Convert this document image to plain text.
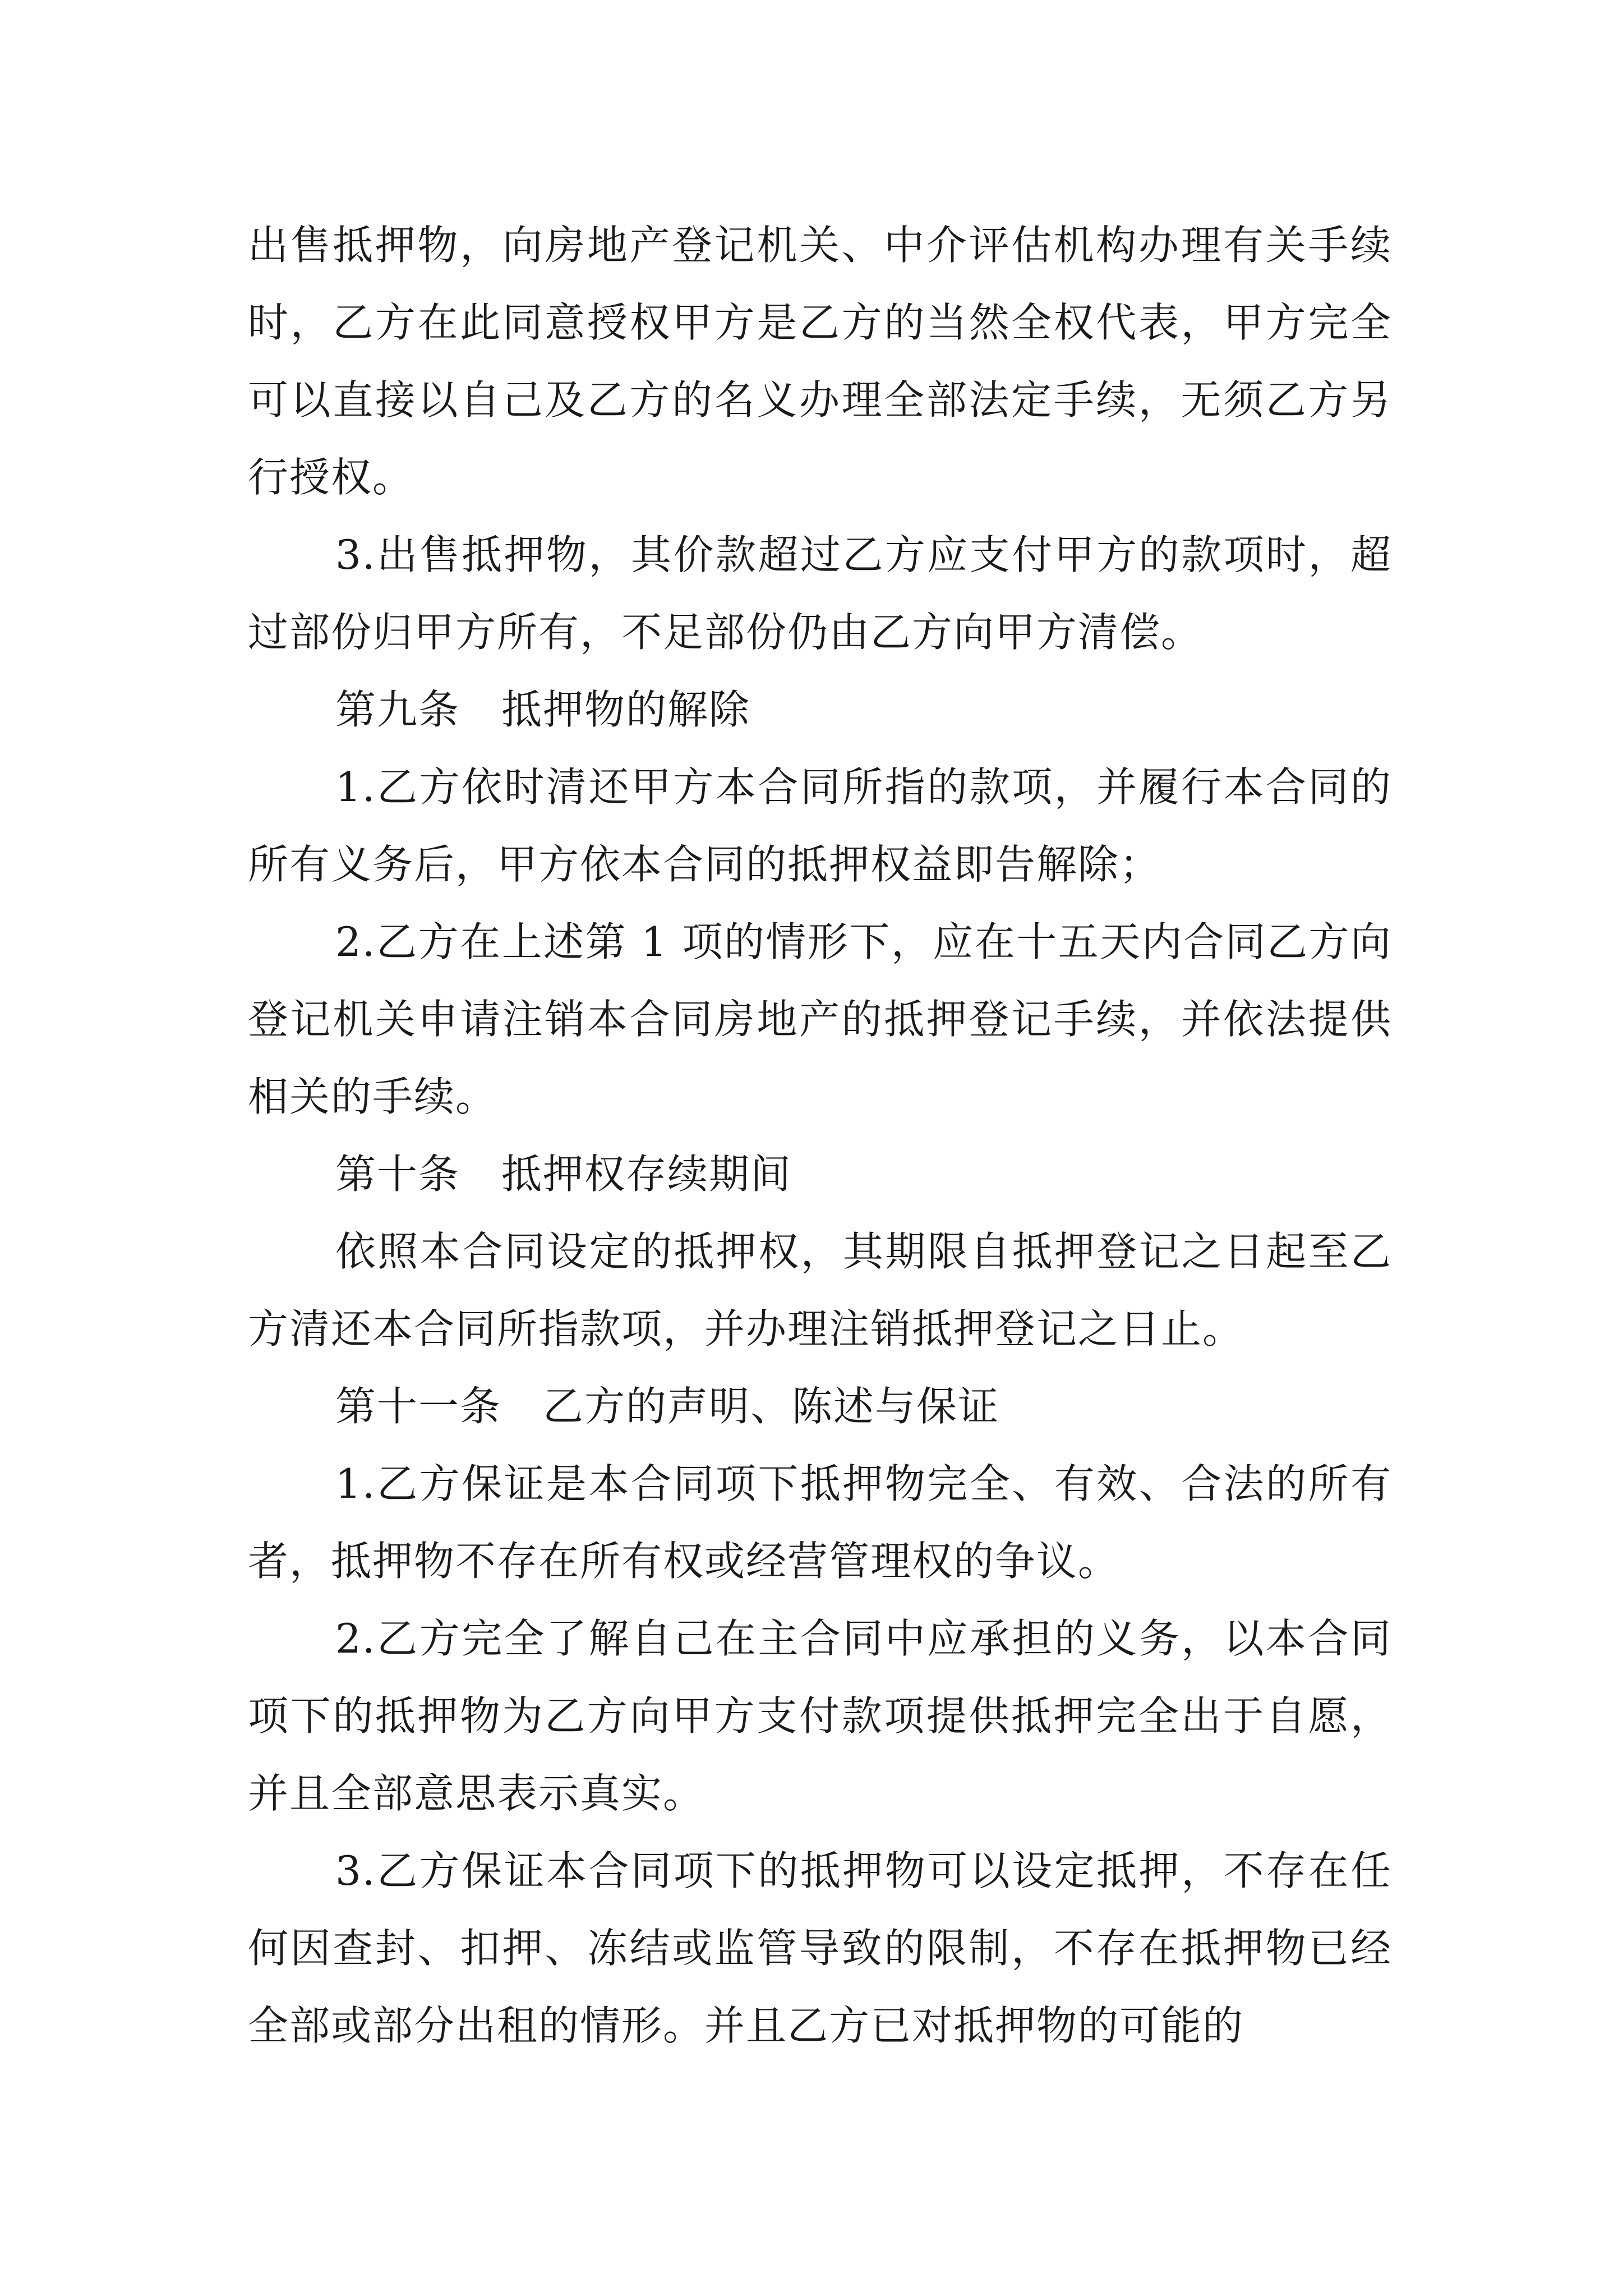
出售抵押物，向房地产登记机关、中介评估机构办理有关手续时，乙方在此同意授权甲方是乙方的当然全权代表，甲方完全可以直接以自己及乙方的名义办理全部法定手续，无须乙方另行授权。

3.出售抵押物，其价款超过乙方应支付甲方的款项时，超过部份归甲方所有，不足部份仍由乙方向甲方清偿。

第九条　抵押物的解除

1.乙方依时清还甲方本合同所指的款项，并履行本合同的所有义务后，甲方依本合同的抵押权益即告解除；

2.乙方在上述第 1 项的情形下，应在十五天内合同乙方向登记机关申请注销本合同房地产的抵押登记手续，并依法提供相关的手续。

第十条　抵押权存续期间

依照本合同设定的抵押权，其期限自抵押登记之日起至乙方清还本合同所指款项，并办理注销抵押登记之日止。

第十一条　乙方的声明、陈述与保证

1.乙方保证是本合同项下抵押物完全、有效、合法的所有者，抵押物不存在所有权或经营管理权的争议。

2.乙方完全了解自己在主合同中应承担的义务，以本合同项下的抵押物为乙方向甲方支付款项提供抵押完全出于自愿，并且全部意思表示真实。

3.乙方保证本合同项下的抵押物可以设定抵押，不存在任何因查封、扣押、冻结或监管导致的限制，不存在抵押物已经全部或部分出租的情形。并且乙方已对抵押物的可能的
